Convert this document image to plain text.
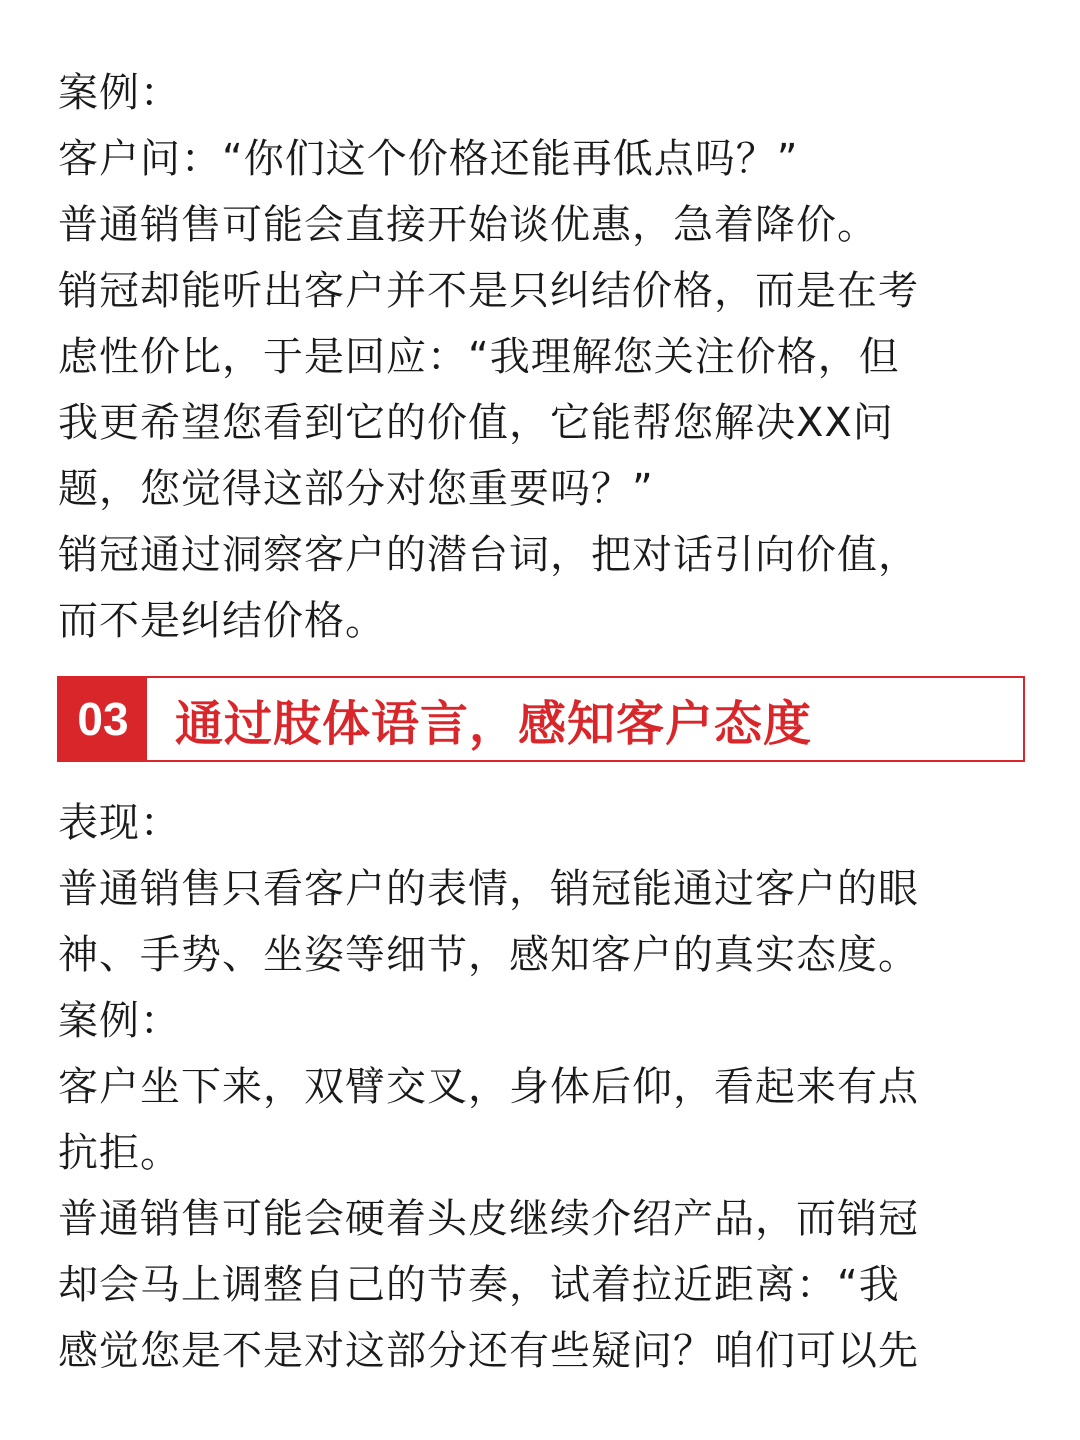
案例：
客户问：“你们这个价格还能再低点吗？”
普通销售可能会直接开始谈优惠，急着降价。
销冠却能听出客户并不是只纠结价格，而是在考
虑性价比，于是回应：“我理解您关注价格，但
我更希望您看到它的价值，它能帮您解决XX问
题，您觉得这部分对您重要吗？”
销冠通过洞察客户的潜台词，把对话引向价值，
而不是纠结价格。
03 通过肢体语言，感知客户态度
表现：
普通销售只看客户的表情，销冠能通过客户的眼
神、手势、坐姿等细节，感知客户的真实态度。
案例：
客户坐下来，双臂交叉，身体后仰，看起来有点
抗拒。
普通销售可能会硬着头皮继续介绍产品，而销冠
却会马上调整自己的节奏，试着拉近距离：“我
感觉您是不是对这部分还有些疑问？咱们可以先
